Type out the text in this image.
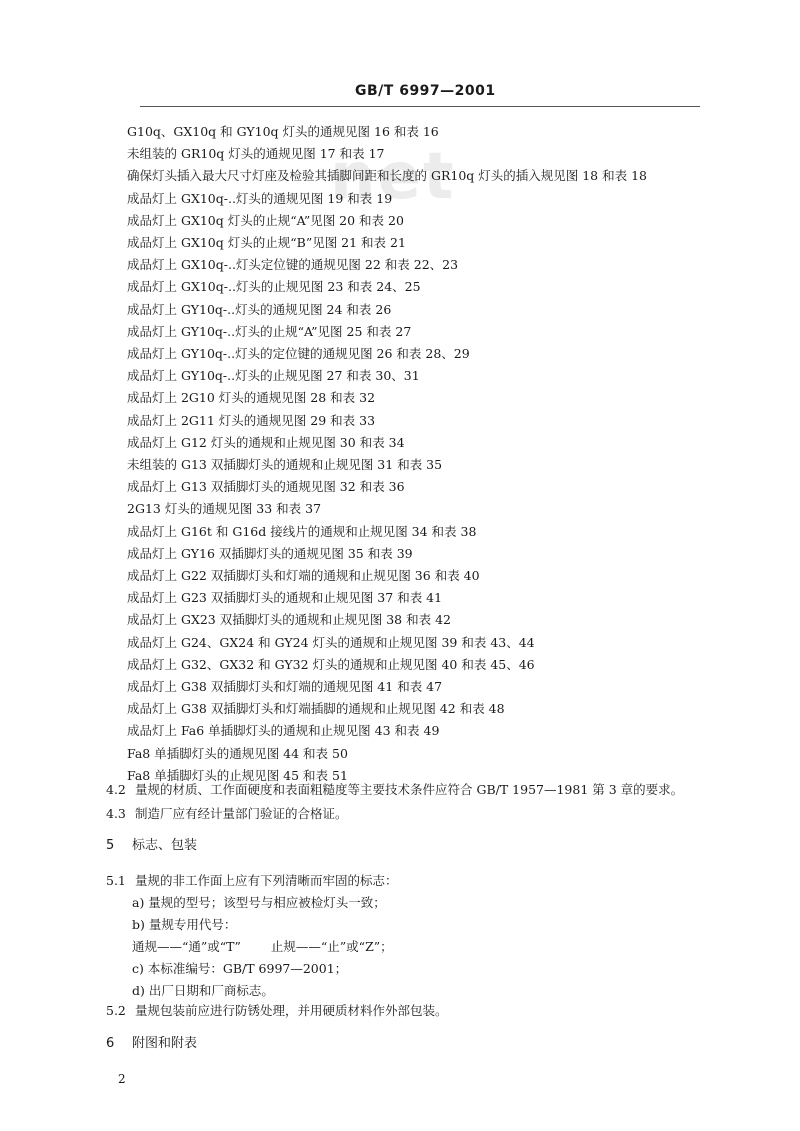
GB/T 6997—2001
net
G10q、GX10q 和 GY10q 灯头的通规见图 16 和表 16
未组装的 GR10q 灯头的通规见图 17 和表 17
确保灯头插入最大尺寸灯座及检验其插脚间距和长度的 GR10q 灯头的插入规见图 18 和表 18
成品灯上 GX10q-..灯头的通规见图 19 和表 19
成品灯上 GX10q 灯头的止规“A”见图 20 和表 20
成品灯上 GX10q 灯头的止规“B”见图 21 和表 21
成品灯上 GX10q-..灯头定位键的通规见图 22 和表 22、23
成品灯上 GX10q-..灯头的止规见图 23 和表 24、25
成品灯上 GY10q-..灯头的通规见图 24 和表 26
成品灯上 GY10q-..灯头的止规“A”见图 25 和表 27
成品灯上 GY10q-..灯头的定位键的通规见图 26 和表 28、29
成品灯上 GY10q-..灯头的止规见图 27 和表 30、31
成品灯上 2G10 灯头的通规见图 28 和表 32
成品灯上 2G11 灯头的通规见图 29 和表 33
成品灯上 G12 灯头的通规和止规见图 30 和表 34
未组装的 G13 双插脚灯头的通规和止规见图 31 和表 35
成品灯上 G13 双插脚灯头的通规见图 32 和表 36
2G13 灯头的通规见图 33 和表 37
成品灯上 G16t 和 G16d 接线片的通规和止规见图 34 和表 38
成品灯上 GY16 双插脚灯头的通规见图 35 和表 39
成品灯上 G22 双插脚灯头和灯端的通规和止规见图 36 和表 40
成品灯上 G23 双插脚灯头的通规和止规见图 37 和表 41
成品灯上 GX23 双插脚灯头的通规和止规见图 38 和表 42
成品灯上 G24、GX24 和 GY24 灯头的通规和止规见图 39 和表 43、44
成品灯上 G32、GX32 和 GY32 灯头的通规和止规见图 40 和表 45、46
成品灯上 G38 双插脚灯头和灯端的通规见图 41 和表 47
成品灯上 G38 双插脚灯头和灯端插脚的通规和止规见图 42 和表 48
成品灯上 Fa6 单插脚灯头的通规和止规见图 43 和表 49
Fa8 单插脚灯头的通规见图 44 和表 50
Fa8 单插脚灯头的止规见图 45 和表 51
4.2 量规的材质、工作面硬度和表面粗糙度等主要技术条件应符合 GB/T 1957—1981 第 3 章的要求。
4.3 制造厂应有经计量部门验证的合格证。
5 标志、包装
5.1 量规的非工作面上应有下列清晰而牢固的标志：
a) 量规的型号；该型号与相应被检灯头一致；
b) 量规专用代号：
通规——“通”或“T” 止规——“止”或“Z”；
c) 本标准编号：GB/T 6997—2001；
d) 出厂日期和厂商标志。
5.2 量规包装前应进行防锈处理，并用硬质材料作外部包装。
6 附图和附表
2
